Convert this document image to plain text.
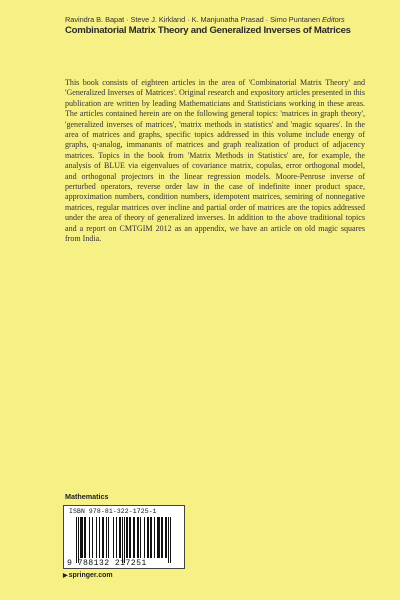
Ravindra B. Bapat · Steve J. Kirkland · K. Manjunatha Prasad · Simo Puntanen Editors
Combinatorial Matrix Theory and Generalized Inverses of Matrices

This book consists of eighteen articles in the area of 'Combinatorial Matrix Theory' and 'Generalized Inverses of Matrices'. Original research and expository articles presented in this publication are written by leading Mathematicians and Statisticians working in these areas. The articles contained herein are on the following general topics: 'matrices in graph theory', 'generalized inverses of matrices', 'matrix methods in statistics' and 'magic squares'. In the area of matrices and graphs, specific topics addressed in this volume include energy of graphs, q-analog, immanants of matrices and graph realization of product of adjacency matrices. Topics in the book from 'Matrix Methods in Statistics' are, for example, the analysis of BLUE via eigenvalues of covariance matrix, copulas, error orthogonal model, and orthogonal projectors in the linear regression models. Moore-Penrose inverse of perturbed operators, reverse order law in the case of indefinite inner product space, approximation numbers, condition numbers, idempotent matrices, semiring of nonnegative matrices, regular matrices over incline and partial order of matrices are the topics addressed under the area of theory of generalized inverses. In addition to the above traditional topics and a report on CMTGIM 2012 as an appendix, we have an article on old magic squares from India.

Mathematics
ISBN 978-81-322-1725-1
9 788132 217251
▶springer.com
